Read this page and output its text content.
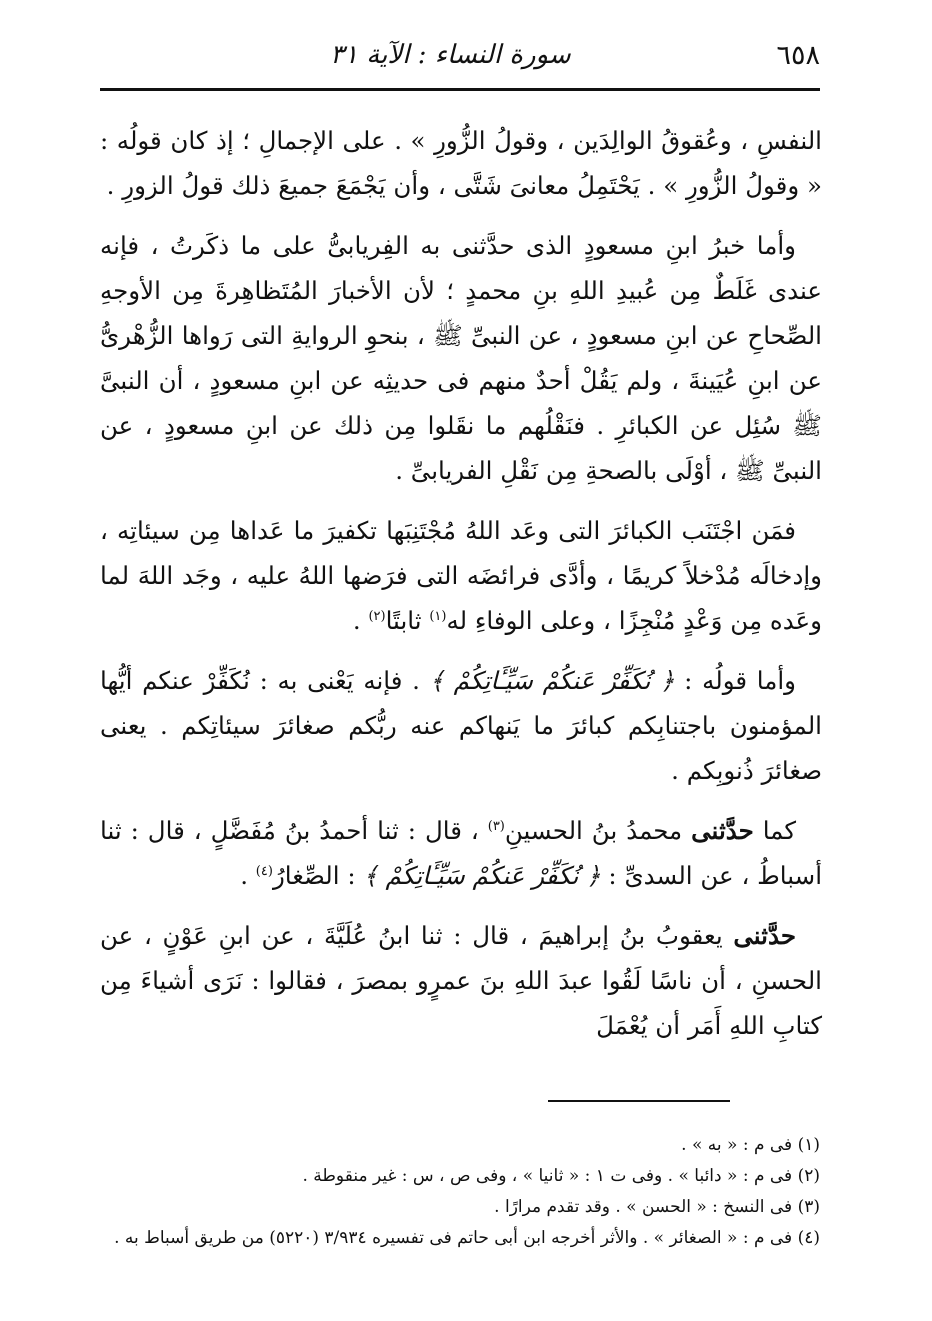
٦٥٨
سورة النساء : الآية ٣١

النفسِ ، وعُقوقُ الوالِدَين ، وقولُ الزُّورِ » . على الإجمالِ ؛ إذ كان قولُه : « وقولُ الزُّورِ » . يَحْتَمِلُ معانىَ شَتَّى ، وأن يَجْمَعَ جميعَ ذلك قولُ الزورِ .

وأما خبرُ ابنِ مسعودٍ الذى حدَّثنى به الفِريابىُّ على ما ذكَرتُ ، فإنه عندى غَلَطٌ مِن عُبيدِ اللهِ بنِ محمدٍ ؛ لأن الأخبارَ المُتَظاهِرةَ مِن الأوجهِ الصِّحاحِ عن ابنِ مسعودٍ ، عن النبىِّ ﷺ ، بنحوِ الروايةِ التى رَواها الزُّهْرىُّ عن ابنِ عُيَينةَ ، ولم يَقُلْ أحدٌ منهم فى حديثِه عن ابنِ مسعودٍ ، أن النبىَّ ﷺ سُئِل عن الكبائرِ . فنَقْلُهم ما نقَلوا مِن ذلك عن ابنِ مسعودٍ ، عن النبىِّ ﷺ ، أوْلَى بالصحةِ مِن نَقْلِ الفريابىِّ .

فمَن اجْتَنَب الكبائرَ التى وعَد اللهُ مُجْتَنِبَها تكفيرَ ما عَداها مِن سيئاتِه ، وإدخالَه مُدْخلاً كريمًا ، وأدَّى فرائضَه التى فرَضها اللهُ عليه ، وجَد اللهَ لما وعَده مِن وَعْدٍ مُنْجِزًا ، وعلى الوفاءِ له$^{(١)}$ ثابتًا$^{(٢)}$ .

وأما قولُه : ﴿ نُكَفِّرْ عَنكُمْ سَيِّـَٔاتِكُمْ ﴾ . فإنه يَعْنى به : نُكَفِّرْ عنكم أيُّها المؤمنون باجتنابِكم كبائرَ ما يَنهاكم عنه ربُّكم صغائرَ سيئاتِكم . يعنى صغائرَ ذُنوبِكم .

كما حدَّثنى محمدُ بنُ الحسينِ$^{(٣)}$ ، قال : ثنا أحمدُ بنُ مُفَضَّلٍ ، قال : ثنا أسباطُ ، عن السدىِّ : ﴿ نُكَفِّرْ عَنكُمْ سَيِّـَٔاتِكُمْ ﴾ : الصِّغارُ$^{(٤)}$ .

حدَّثنى يعقوبُ بنُ إبراهيمَ ، قال : ثنا ابنُ عُلَيَّةَ ، عن ابنِ عَوْنٍ ، عن الحسنِ ، أن ناسًا لَقُوا عبدَ اللهِ بنَ عمرٍو بمصرَ ، فقالوا : نَرَى أشياءَ مِن كتابِ اللهِ أَمَر أن يُعْمَلَ

(١) فى م : « به » .

(٢) فى م : « دائبا » . وفى ت ١ : « ثانيا » ، وفى ص ، س : غير منقوطة .

(٣) فى النسخ : « الحسن » . وقد تقدم مرارًا .

(٤) فى م : « الصغائر » . والأثر أخرجه ابن أبى حاتم فى تفسيره ٣/٩٣٤ (٥٢٢٠) من طريق أسباط به .
